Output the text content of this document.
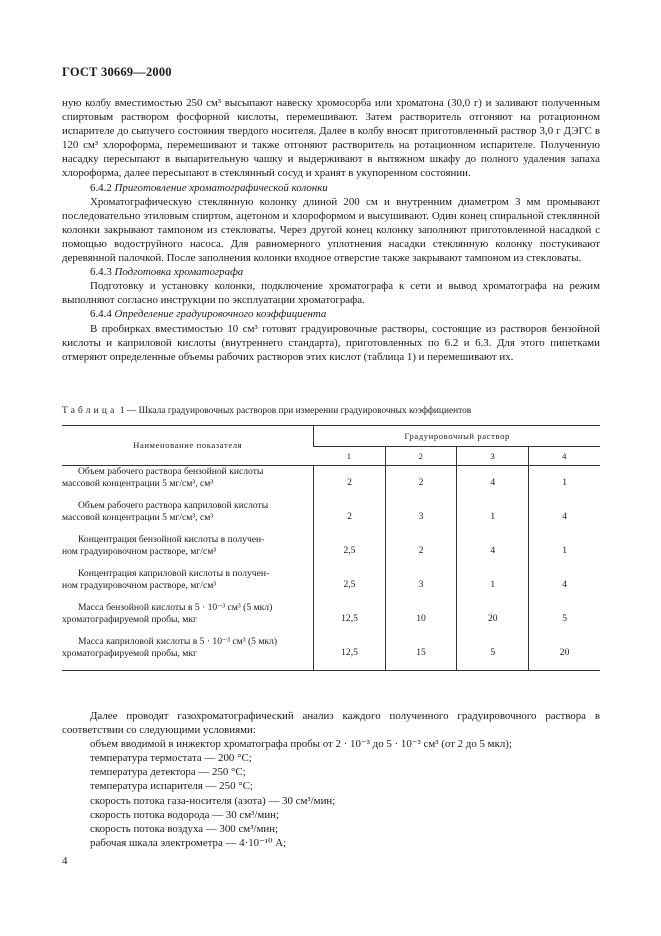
ГОСТ 30669—2000

ную колбу вместимостью 250 см³ высыпают навеску хромосорба или хроматона (30,0 г) и заливают полученным спиртовым раствором фосфорной кислоты, перемешивают. Затем растворитель отгоняют на ротационном испарителе до сыпучего состояния твердого носителя. Далее в колбу вносят приготовленный раствор 3,0 г ДЭГС в 120 см³ хлороформа, перемешивают и также отгоняют растворитель на ротационном испарителе. Полученную насадку пересыпают в выпарительную чашку и выдерживают в вытяжном шкафу до полного удаления запаха хлороформа, далее пересыпают в стеклянный сосуд и хранят в укупоренном состоянии.

6.4.2 Приготовление хроматографической колонки

Хроматографическую стеклянную колонку длиной 200 см и внутренним диаметром 3 мм промывают последовательно этиловым спиртом, ацетоном и хлороформом и высушивают. Один конец спиральной стеклянной колонки закрывают тампоном из стекловаты. Через другой конец колонку заполняют приготовленной насадкой с помощью водоструйного насоса. Для равномерного уплотнения насадки стеклянную колонку постукивают деревянной палочкой. После заполнения колонки входное отверстие также закрывают тампоном из стекловаты.

6.4.3 Подготовка хроматографа

Подготовку и установку колонки, подключение хроматографа к сети и вывод хроматографа на режим выполняют согласно инструкции по эксплуатации хроматографа.

6.4.4 Определение градуировочного коэффициента

В пробирках вместимостью 10 см³ готовят градуировочные растворы, состоящие из растворов бензойной кислоты и каприловой кислоты (внутреннего стандарта), приготовленных по 6.2 и 6.3. Для этого пипетками отмеряют определенные объемы рабочих растворов этих кислот (таблица 1) и перемешивают их.

Таблица 1 — Шкала градуировочных растворов при измерении градуировочных коэффициентов
Наименование показателя	Градуировочный раствор			
	1	2	3	4
Объем рабочего раствора бензойной кислоты
массовой концентрации 5 мг/см³, см³	2	2	4	1
Объем рабочего раствора каприловой кислоты
массовой концентрации 5 мг/см³, см³	2	3	1	4
Концентрация бензойной кислоты в получен-
ном градуировочном растворе, мг/см³	2,5	2	4	1
Концентрация каприловой кислоты в получен-
ном градуировочном растворе, мг/см³	2,5	3	1	4
Масса бензойной кислоты в 5 · 10⁻³ см³ (5 мкл)
хроматографируемой пробы, мкг	12,5	10	20	5
Масса каприловой кислоты в 5 · 10⁻³ см³ (5 мкл)
хроматографируемой пробы, мкг	12,5	15	5	20

Далее проводят газохроматографический анализ каждого полученного градуировочного раствора в соответствии со следующими условиями:

объем вводимой в инжектор хроматографа пробы от 2 · 10⁻³ до 5 · 10⁻³ см³ (от 2 до 5 мкл);
температура термостата — 200 °С;
температура детектора — 250 °С;
температура испарителя — 250 °С;
скорость потока газа-носителя (азота) — 30 см³/мин;
скорость потока водорода — 30 см³/мин;
скорость потока воздуха — 300 см³/мин;
рабочая шкала электрометра — 4·10⁻¹⁰ А;
4
